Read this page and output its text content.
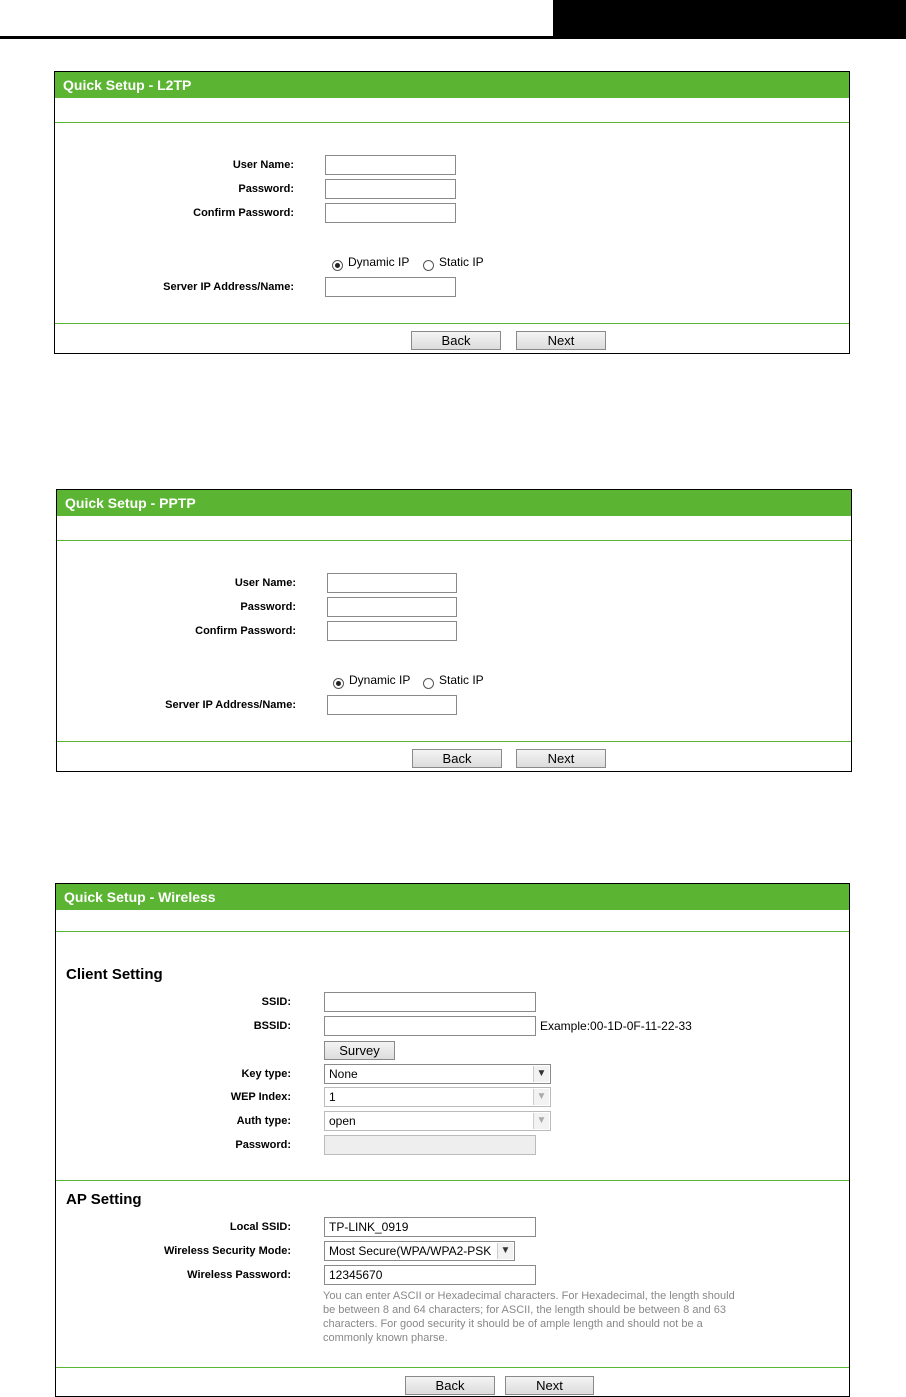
Quick Setup - L2TP
User Name:
Password:
Confirm Password:
Dynamic IP Static IP
Server IP Address/Name:
Back	Next
Quick Setup - PPTP
User Name:
Password:
Confirm Password:
Dynamic IP Static IP
Server IP Address/Name:
Back	Next
Quick Setup - Wireless
Client Setting
SSID:
BSSID:	Example:00-1D-0F-11-22-33
Survey
Key type:	None	▼
WEP Index:	1	▼
Auth type:	open	▼
Password:
AP Setting
Local SSID:	TP-LINK_0919
Wireless Security Mode:	Most Secure(WPA/WPA2-PSK ▼
Wireless Password:	12345670
You can enter ASCII or Hexadecimal characters. For Hexadecimal, the length should be between 8 and 64 characters; for ASCII, the length should be between 8 and 63 characters. For good security it should be of ample length and should not be a commonly known pharse.
Back	Next
